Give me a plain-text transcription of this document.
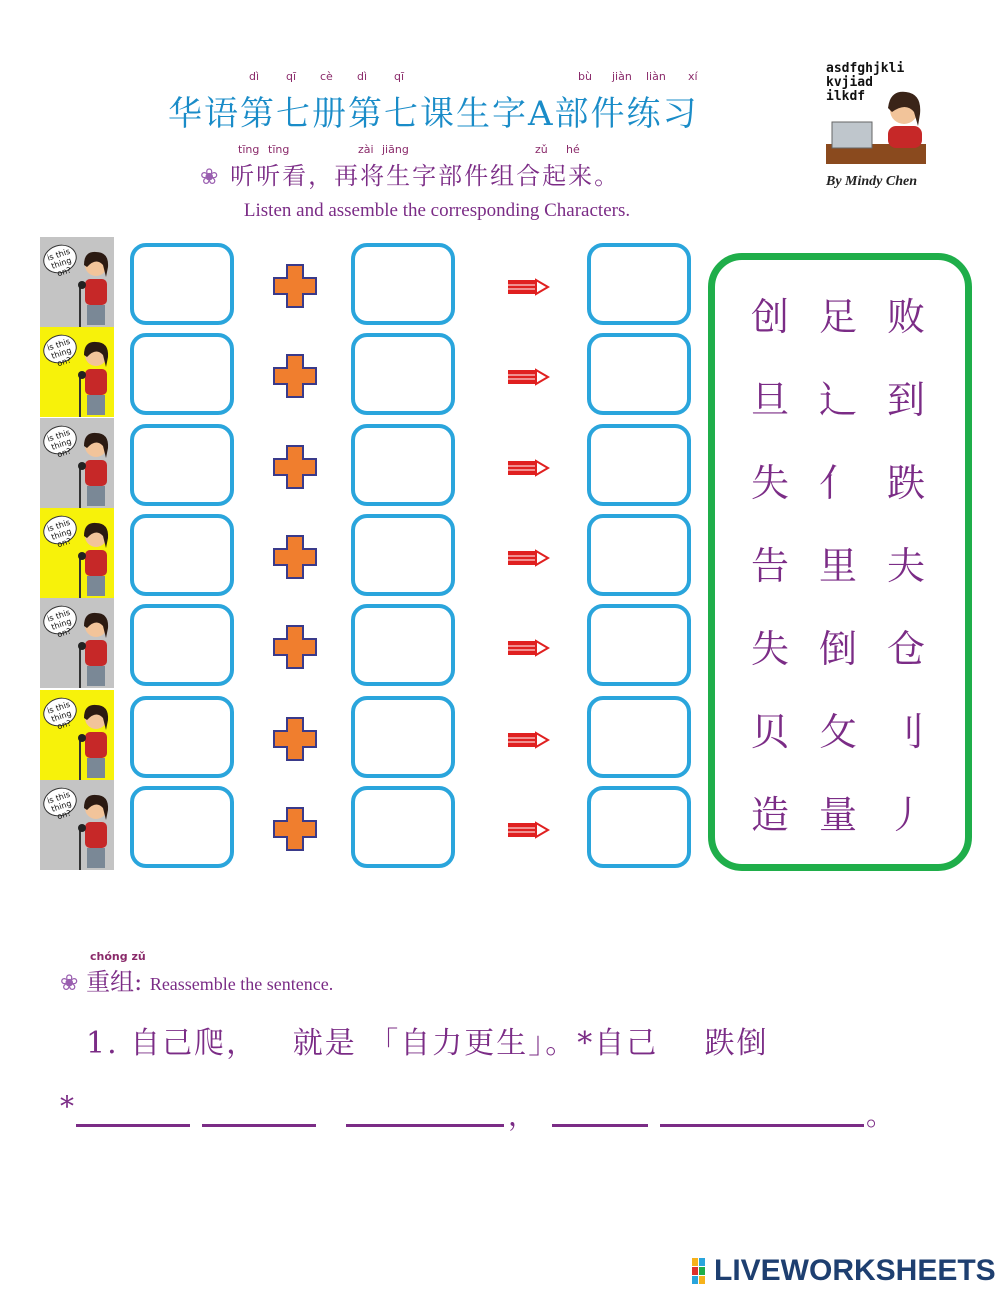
华语第七册第七课生字A部件练习
dì qī cè dì qī	bù jiàn liàn xí
❀ 听听看，再将生字部件组合起来。
tīng tīng	zài jiāng	zǔ hé
Listen and assemble the corresponding Characters.
asdfghjkli
kvjiad
ilkdf
By Mindy Chen
is this thing on?
is this thing on?
is this thing on?
is this thing on?
is this thing on?
is this thing on?
is this thing on?
创 足 败
旦 辶 到
失 亻 跌
告 里 夫
失 倒 仓
贝 攵 刂
造 量 丿
chóng zǔ
❀ 重组: Reassemble the sentence.
1. 自己爬，   就是 「自力更生」。*自己    跌倒
*	，	。
LIVEWORKSHEETS
